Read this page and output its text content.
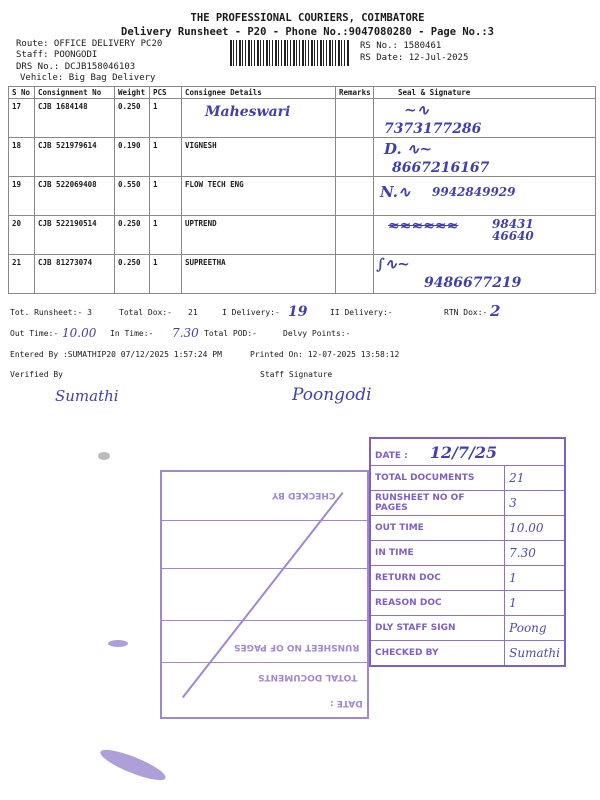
THE PROFESSIONAL COURIERS, COIMBATORE
Delivery Runsheet - P20 - Phone No.:9047080280 - Page No.:3
Route: OFFICE DELIVERY PC20
Staff: POONGODI
DRS No.: DCJB158046103
Vehicle: Big Bag Delivery
RS No.: 1580461
RS Date: 12-Jul-2025
S No	Consignment No	Weight	PCS	Consignee Details	Remarks	Seal & Signature
17	CJB 1684148	0.250	1	Maheswari		~∿
7373177286

18	CJB 521979614	0.190	1	VIGNESH		D. ∿~
8667216167

19	CJB 522069408	0.550	1	FLOW TECH ENG		N.∿ 9942849929

20	CJB 522190514	0.250	1	UPTREND		≈≈≈≈≈≈ 98431 46640

21	CJB 81273074	0.250	1	SUPREETHA		∫∿~
9486677219
Tot. Runsheet:- 3	Total Dox:- 21	I Delivery:- 19	II Delivery:-	RTN Dox:- 2
Out Time:- 10.00 In Time:- 7.30 Total POD:-	Delvy Points:-
Entered By :SUMATHIP20 07/12/2025 1:57:24 PM	Printed On: 12-07-2025 13:58:12
Verified By	Staff Signature
Sumathi	Poongodi
CHECKED BY
RUNSHEET NO OF PAGES
TOTAL DOCUMENTS
DATE :
DATE : 12/7/25	
TOTAL DOCUMENTS	21
RUNSHEET NO OF PAGES	3
OUT TIME	10.00
IN TIME	7.30
RETURN DOC	1
REASON DOC	1
DLY STAFF SIGN	Poong
CHECKED BY	Sumathi
